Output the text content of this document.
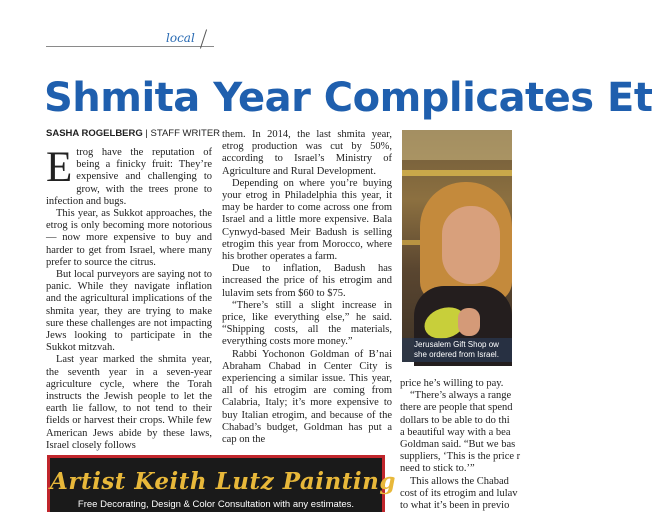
local
Shmita Year Complicates Et
SASHA ROGELBERG | STAFF WRITER

Etrog have the reputation of being a finicky fruit: They’re expensive and challenging to grow, with the trees prone to infection and bugs.

This year, as Sukkot approaches, the etrog is only becoming more notorious — now more expensive to buy and harder to get from Israel, where many prefer to source the citrus.

But local purveyors are saying not to panic. While they navigate inflation and the agricultural implications of the shmita year, they are trying to make sure these challenges are not impacting Jews looking to participate in the Sukkot mitzvah.

Last year marked the shmita year, the seventh year in a seven-year agriculture cycle, where the Torah instructs the Jewish people to let the earth lie fallow, to not tend to their fields or harvest their crops. While few American Jews abide by these laws, Israel closely follows

them. In 2014, the last shmita year, etrog production was cut by 50%, according to Israel’s Ministry of Agriculture and Rural Development.

Depending on where you’re buying your etrog in Philadelphia this year, it may be harder to come across one from Israel and a little more expensive. Bala Cynwyd-based Meir Badush is selling etrogim this year from Morocco, where his brother operates a farm.

Due to inflation, Badush has increased the price of his etrogim and lulavim sets from $60 to $75.

“There’s still a slight increase in price, like everything else,” he said. “Shipping costs, all the materials, everything costs more money.”

Rabbi Yochonon Goldman of B’nai Abraham Chabad in Center City is experiencing a similar issue. This year, all of his etrogim are coming from Calabria, Italy; it’s more expensive to buy Italian etrogim, and because of the Chabad’s budget, Goldman has put a cap on the

Jerusalem Gift Shop ow
she ordered from Israel.
price he’s willing to pay.
“There’s always a range
there are people that spend
dollars to be able to do thi
a beautiful way with a bea
Goldman said. “But we bas
suppliers, ‘This is the price r
need to stick to.’”
This allows the Chabad
cost of its etrogim and lulav
to what it’s been in previo
Artist Keith Lutz Painting
Free Decorating, Design & Color Consultation with any estimates.
